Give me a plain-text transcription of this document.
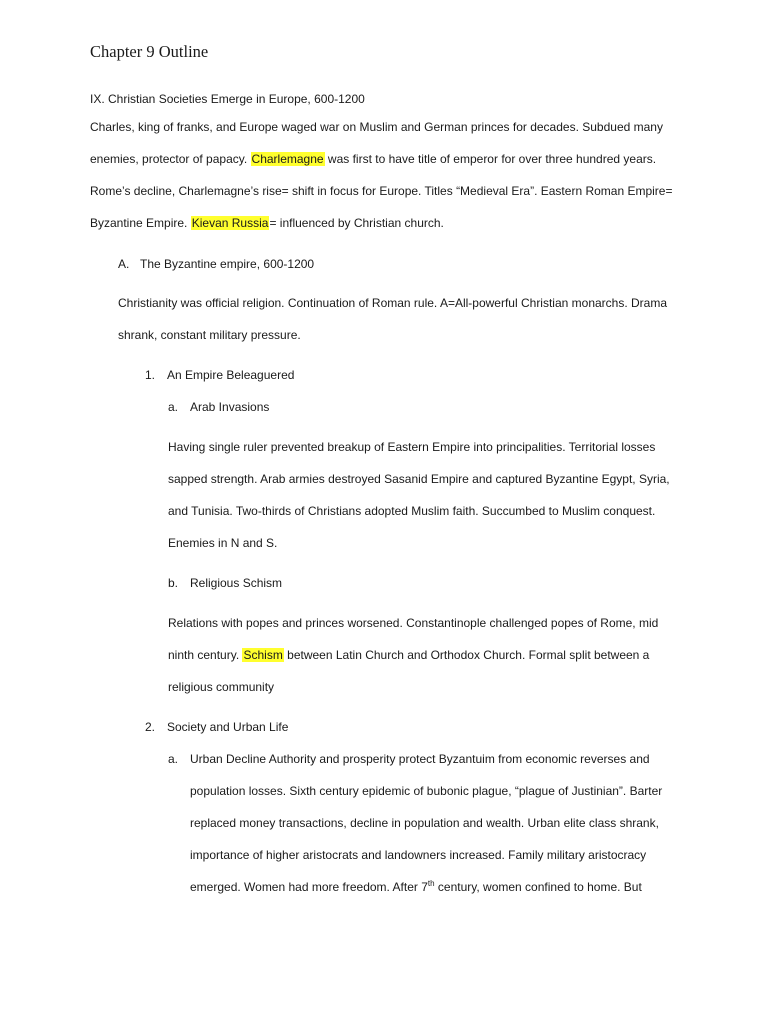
Chapter 9 Outline
IX. Christian Societies Emerge in Europe, 600-1200
Charles, king of franks, and Europe waged war on Muslim and German princes for decades. Subdued many
enemies, protector of papacy. Charlemagne was first to have title of emperor for over three hundred years.
Rome’s decline, Charlemagne’s rise= shift in focus for Europe. Titles “Medieval Era”. Eastern Roman Empire=
Byzantine Empire. Kievan Russia= influenced by Christian church.
A. The Byzantine empire, 600-1200
Christianity was official religion. Continuation of Roman rule. A=All-powerful Christian monarchs. Drama
shrank, constant military pressure.
1. An Empire Beleaguered
a. Arab Invasions
Having single ruler prevented breakup of Eastern Empire into principalities. Territorial losses
sapped strength. Arab armies destroyed Sasanid Empire and captured Byzantine Egypt, Syria,
and Tunisia. Two-thirds of Christians adopted Muslim faith. Succumbed to Muslim conquest.
Enemies in N and S.
b. Religious Schism
Relations with popes and princes worsened. Constantinople challenged popes of Rome, mid
ninth century. Schism between Latin Church and Orthodox Church. Formal split between a
religious community
2. Society and Urban Life
a. Urban Decline Authority and prosperity protect Byzantuim from economic reverses and
population losses. Sixth century epidemic of bubonic plague, “plague of Justinian”. Barter
replaced money transactions, decline in population and wealth. Urban elite class shrank,
importance of higher aristocrats and landowners increased. Family military aristocracy
emerged. Women had more freedom. After 7th century, women confined to home. But
